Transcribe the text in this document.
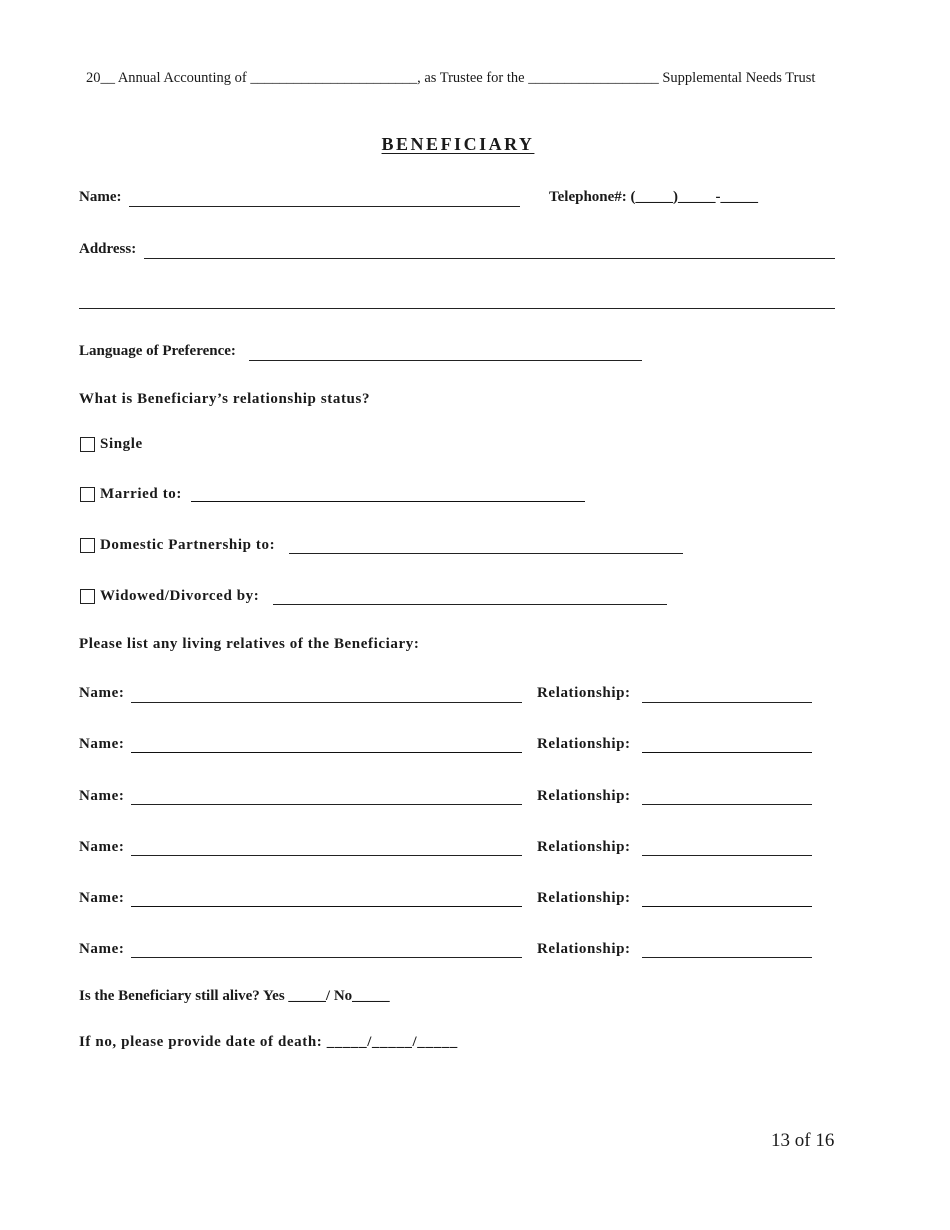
20__ Annual Accounting of _______________________, as Trustee for the __________________ Supplemental Needs Trust
BENEFICIARY
Name:	Telephone#: (_____)_____-_____
Address:
Language of Preference:
What is Beneficiary’s relationship status?
Single
Married to:
Domestic Partnership to:
Widowed/Divorced by:
Please list any living relatives of the Beneficiary:
Name:	Relationship:
Name:	Relationship:
Name:	Relationship:
Name:	Relationship:
Name:	Relationship:
Name:	Relationship:
Is the Beneficiary still alive? Yes _____/ No_____
If no, please provide date of death: _____/_____/_____
13 of 16
